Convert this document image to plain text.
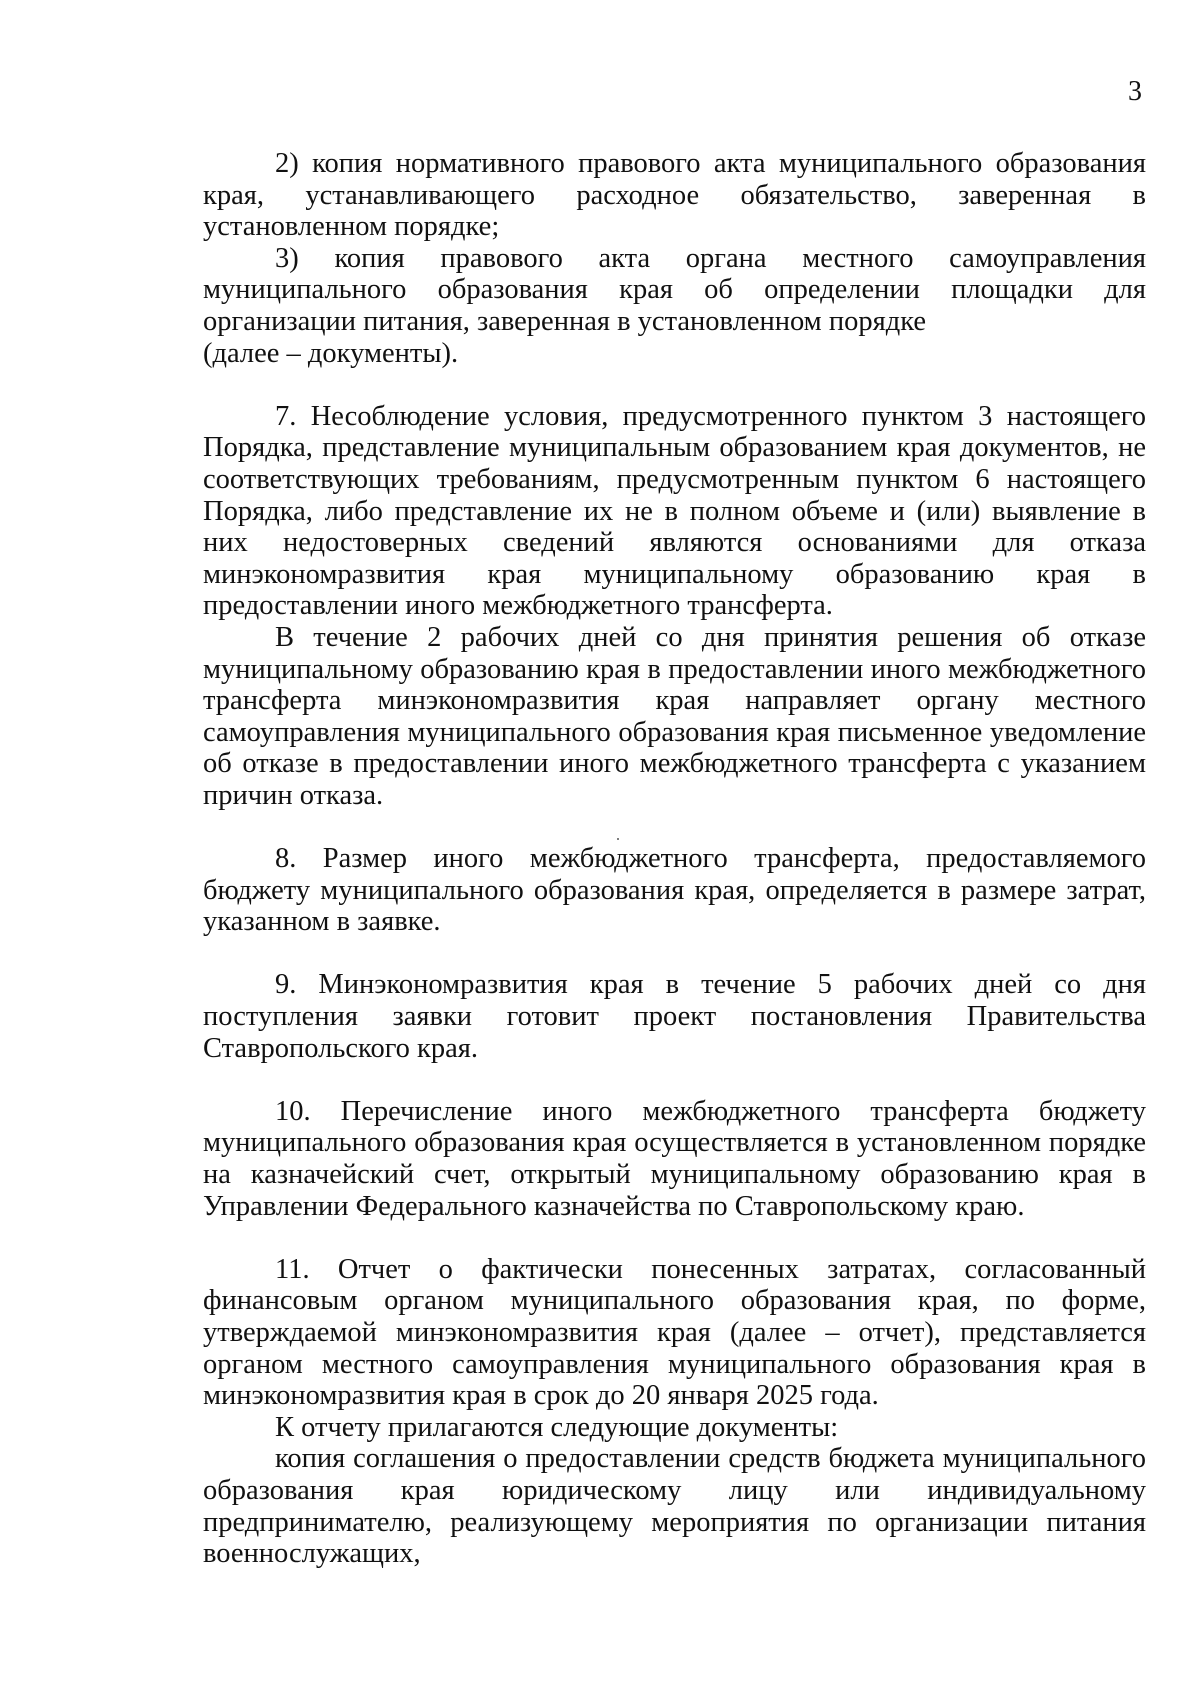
3

2) копия нормативного правового акта муниципального образования края, устанавливающего расходное обязательство, заверенная в установленном порядке;

3) копия правового акта органа местного самоуправления муниципального образования края об определении площадки для организации питания, заверенная в установленном порядке

(далее – документы).

7. Несоблюдение условия, предусмотренного пунктом 3 настоящего Порядка, представление муниципальным образованием края документов, не соответствующих требованиям, предусмотренным пунктом 6 настоящего Порядка, либо представление их не в полном объеме и (или) выявление в них недостоверных сведений являются основаниями для отказа минэкономразвития края муниципальному образованию края в предоставлении иного межбюджетного трансферта.

В течение 2 рабочих дней со дня принятия решения об отказе муниципальному образованию края в предоставлении иного межбюджетного трансферта минэкономразвития края направляет органу местного самоуправления муниципального образования края письменное уведомление об отказе в предоставлении иного межбюджетного трансферта с указанием причин отказа.

8. Размер иного межбюджетного трансферта, предоставляемого бюджету муниципального образования края, определяется в размере затрат, указанном в заявке.

9. Минэкономразвития края в течение 5 рабочих дней со дня поступления заявки готовит проект постановления Правительства Ставропольского края.

10. Перечисление иного межбюджетного трансферта бюджету муниципального образования края осуществляется в установленном порядке на казначейский счет, открытый муниципальному образованию края в Управлении Федерального казначейства по Ставропольскому краю.

11. Отчет о фактически понесенных затратах, согласованный финансовым органом муниципального образования края, по форме, утверждаемой минэкономразвития края (далее – отчет), представляется органом местного самоуправления муниципального образования края в минэкономразвития края в срок до 20 января 2025 года.

К отчету прилагаются следующие документы:

копия соглашения о предоставлении средств бюджета муниципального образования края юридическому лицу или индивидуальному предпринимателю, реализующему мероприятия по организации питания военнослужащих,
